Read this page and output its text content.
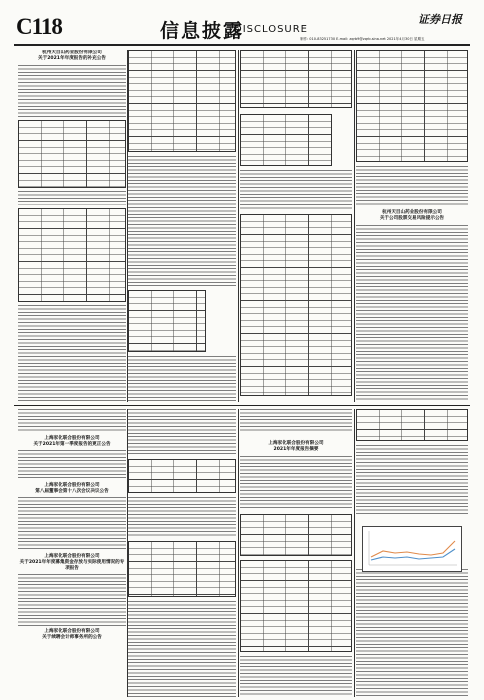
C118	信息披露
DISCLOSURE
证券日报
制作: 010-83251730 E-mail: zqrb9@zqrb.sina.net 2021年4月30日 星期五
杭州天目山药业股份有限公司
关于2021年年度报告的补充公告
杭州天目山药业股份有限公司
关于公司股票交易风险提示公告
上海家化联合股份有限公司
关于2021年第一季度报告的更正公告
上海家化联合股份有限公司
第八届董事会第十八次会议决议公告
上海家化联合股份有限公司
关于2021年年度募集资金存放与实际使用情况的专项报告
上海家化联合股份有限公司
关于续聘会计师事务所的公告
上海家化联合股份有限公司
2021年年度报告摘要
